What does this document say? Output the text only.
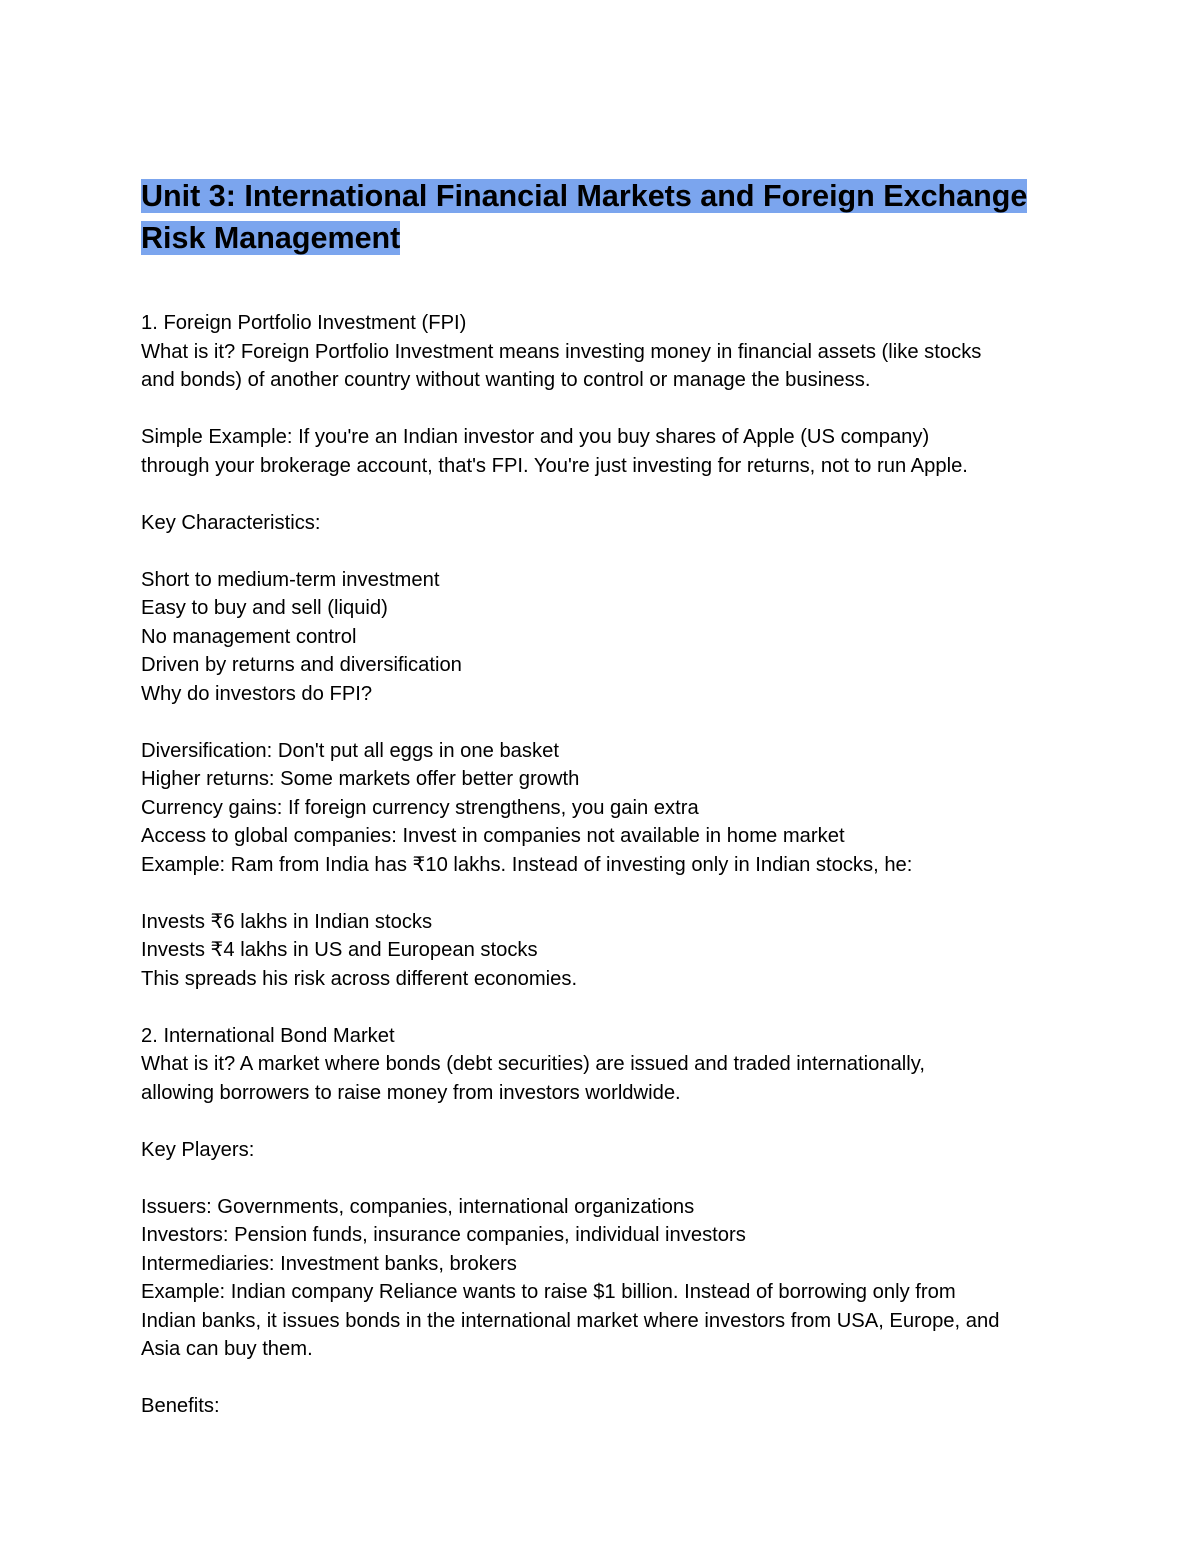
Unit 3: International Financial Markets and Foreign Exchange
Risk Management

1. Foreign Portfolio Investment (FPI)

What is it? Foreign Portfolio Investment means investing money in financial assets (like stocks

and bonds) of another country without wanting to control or manage the business.

Simple Example: If you're an Indian investor and you buy shares of Apple (US company)

through your brokerage account, that's FPI. You're just investing for returns, not to run Apple.

Key Characteristics:

Short to medium-term investment

Easy to buy and sell (liquid)

No management control

Driven by returns and diversification

Why do investors do FPI?

Diversification: Don't put all eggs in one basket

Higher returns: Some markets offer better growth

Currency gains: If foreign currency strengthens, you gain extra

Access to global companies: Invest in companies not available in home market

Example: Ram from India has ₹10 lakhs. Instead of investing only in Indian stocks, he:

Invests ₹6 lakhs in Indian stocks

Invests ₹4 lakhs in US and European stocks

This spreads his risk across different economies.

2. International Bond Market

What is it? A market where bonds (debt securities) are issued and traded internationally,

allowing borrowers to raise money from investors worldwide.

Key Players:

Issuers: Governments, companies, international organizations

Investors: Pension funds, insurance companies, individual investors

Intermediaries: Investment banks, brokers

Example: Indian company Reliance wants to raise $1 billion. Instead of borrowing only from

Indian banks, it issues bonds in the international market where investors from USA, Europe, and

Asia can buy them.

Benefits:
